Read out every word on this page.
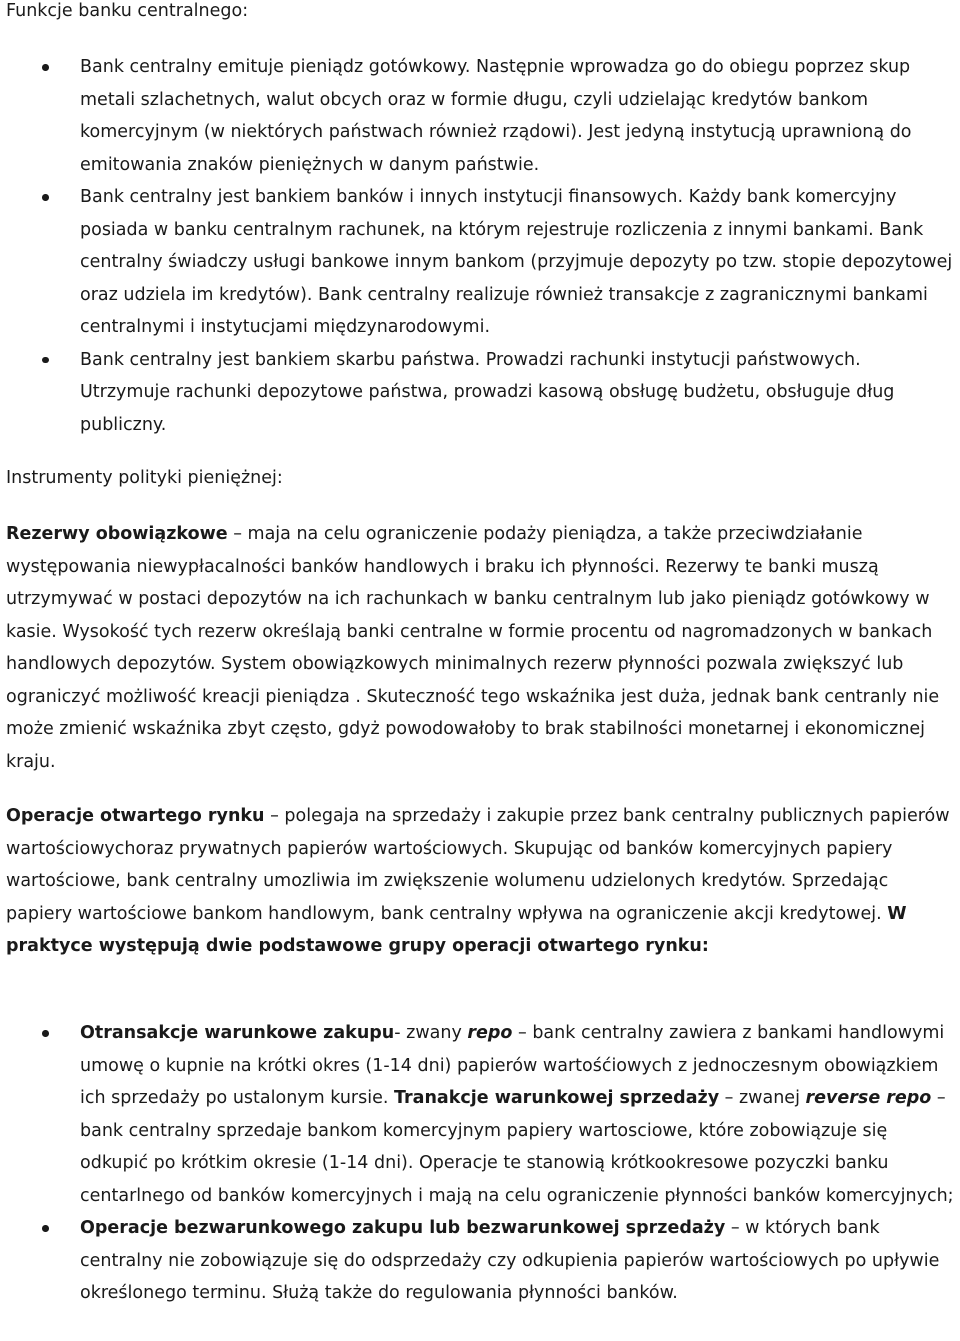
Funkcje banku centralnego:
Bank centralny emituje pieniądz gotówkowy. Następnie wprowadza go do obiegu poprzez skup metali szlachetnych, walut obcych oraz w formie długu, czyli udzielając kredytów bankom komercyjnym (w niektórych państwach również rządowi). Jest jedyną instytucją uprawnioną do emitowania znaków pieniężnych w danym państwie.
Bank centralny jest bankiem banków i innych instytucji finansowych. Każdy bank komercyjny posiada w banku centralnym rachunek, na którym rejestruje rozliczenia z innymi bankami. Bank centralny świadczy usługi bankowe innym bankom (przyjmuje depozyty po tzw. stopie depozytowej oraz udziela im kredytów). Bank centralny realizuje również transakcje z zagranicznymi bankami centralnymi i instytucjami międzynarodowymi.
Bank centralny jest bankiem skarbu państwa. Prowadzi rachunki instytucji państwowych. Utrzymuje rachunki depozytowe państwa, prowadzi kasową obsługę budżetu, obsługuje dług publiczny.
Instrumenty polityki pieniężnej:

Rezerwy obowiązkowe – maja na celu ograniczenie podaży pieniądza, a także przeciwdziałanie występowania niewypłacalności banków handlowych i braku ich płynności. Rezerwy te banki muszą utrzymywać w postaci depozytów na ich rachunkach w banku centralnym lub jako pieniądz gotówkowy w kasie. Wysokość tych rezerw określają banki centralne w formie procentu od nagromadzonych w bankach handlowych depozytów. System obowiązkowych minimalnych rezerw płynności pozwala zwiększyć lub ograniczyć możliwość kreacji pieniądza . Skuteczność tego wskaźnika jest duża, jednak bank centranly nie może zmienić wskaźnika zbyt często, gdyż powodowałoby to brak stabilności monetarnej i ekonomicznej kraju.

Operacje otwartego rynku – polegaja na sprzedaży i zakupie przez bank centralny publicznych papierów wartościowychoraz prywatnych papierów wartościowych. Skupując od banków komercyjnych papiery wartościowe, bank centralny umozliwia im zwiększenie wolumenu udzielonych kredytów. Sprzedając papiery wartościowe bankom handlowym, bank centralny wpływa na ograniczenie akcji kredytowej. W praktyce występują dwie podstawowe grupy operacji otwartego rynku:

Otransakcje warunkowe zakupu- zwany repo – bank centralny zawiera z bankami handlowymi umowę o kupnie na krótki okres (1-14 dni) papierów wartośćiowych z jednoczesnym obowiązkiem ich sprzedaży po ustalonym kursie. Tranakcje warunkowej sprzedaży – zwanej reverse repo – bank centralny sprzedaje bankom komercyjnym papiery wartosciowe, które zobowiązuje się odkupić po krótkim okresie (1-14 dni). Operacje te stanowią krótkookresowe pozyczki banku centarlnego od banków komercyjnych i mają na celu ograniczenie płynności banków komercyjnych;
Operacje bezwarunkowego zakupu lub bezwarunkowej sprzedaży – w których bank centralny nie zobowiązuje się do odsprzedaży czy odkupienia papierów wartościowych po upływie określonego terminu. Służą także do regulowania płynności banków.
